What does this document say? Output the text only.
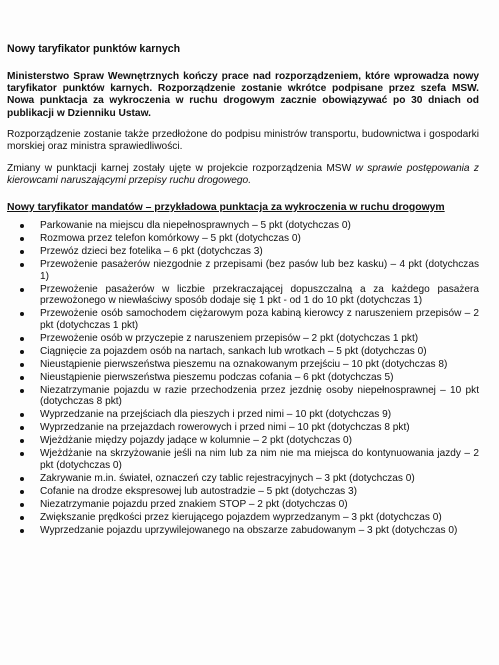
Nowy taryfikator punktów karnych

Ministerstwo Spraw Wewnętrznych kończy prace nad rozporządzeniem, które wprowadza nowy taryfikator punktów karnych. Rozporządzenie zostanie wkrótce podpisane przez szefa MSW. Nowa punktacja za wykroczenia w ruchu drogowym zacznie obowiązywać po 30 dniach od publikacji w Dzienniku Ustaw.

Rozporządzenie zostanie także przedłożone do podpisu ministrów transportu, budownictwa i gospodarki morskiej oraz ministra sprawiedliwości.

Zmiany w punktacji karnej zostały ujęte w projekcie rozporządzenia MSW w sprawie postępowania z kierowcami naruszającymi przepisy ruchu drogowego.

Nowy taryfikator mandatów – przykładowa punktacja za wykroczenia w ruchu drogowym
Parkowanie na miejscu dla niepełnosprawnych – 5 pkt (dotychczas 0)
Rozmowa przez telefon komórkowy – 5 pkt (dotychczas 0)
Przewóz dzieci bez fotelika – 6 pkt (dotychczas 3)
Przewożenie pasażerów niezgodnie z przepisami (bez pasów lub bez kasku) – 4 pkt (dotychczas 1)
Przewożenie pasażerów w liczbie przekraczającej dopuszczalną a za każdego pasażera przewożonego w niewłaściwy sposób dodaje się 1 pkt - od 1 do 10 pkt (dotychczas 1)
Przewożenie osób samochodem ciężarowym poza kabiną kierowcy z naruszeniem przepisów – 2 pkt (dotychczas 1 pkt)
Przewożenie osób w przyczepie z naruszeniem przepisów – 2 pkt (dotychczas 1 pkt)
Ciągnięcie za pojazdem osób na nartach, sankach lub wrotkach – 5 pkt (dotychczas 0)
Nieustąpienie pierwszeństwa pieszemu na oznakowanym przejściu – 10 pkt (dotychczas 8)
Nieustąpienie pierwszeństwa pieszemu podczas cofania – 6 pkt (dotychczas 5)
Niezatrzymanie pojazdu w razie przechodzenia przez jezdnię osoby niepełnosprawnej – 10 pkt (dotychczas 8 pkt)
Wyprzedzanie na przejściach dla pieszych i przed nimi – 10 pkt (dotychczas 9)
Wyprzedzanie na przejazdach rowerowych i przed nimi – 10 pkt (dotychczas 8 pkt)
Wjeżdżanie między pojazdy jadące w kolumnie – 2 pkt (dotychczas 0)
Wjeżdżanie na skrzyżowanie jeśli na nim lub za nim nie ma miejsca do kontynuowania jazdy – 2 pkt (dotychczas 0)
Zakrywanie m.in. świateł, oznaczeń czy tablic rejestracyjnych – 3 pkt (dotychczas 0)
Cofanie na drodze ekspresowej lub autostradzie – 5 pkt (dotychczas 3)
Niezatrzymanie pojazdu przed znakiem STOP – 2 pkt (dotychczas 0)
Zwiększanie prędkości przez kierującego pojazdem wyprzedzanym – 3 pkt (dotychczas 0)
Wyprzedzanie pojazdu uprzywilejowanego na obszarze zabudowanym – 3 pkt (dotychczas 0)
